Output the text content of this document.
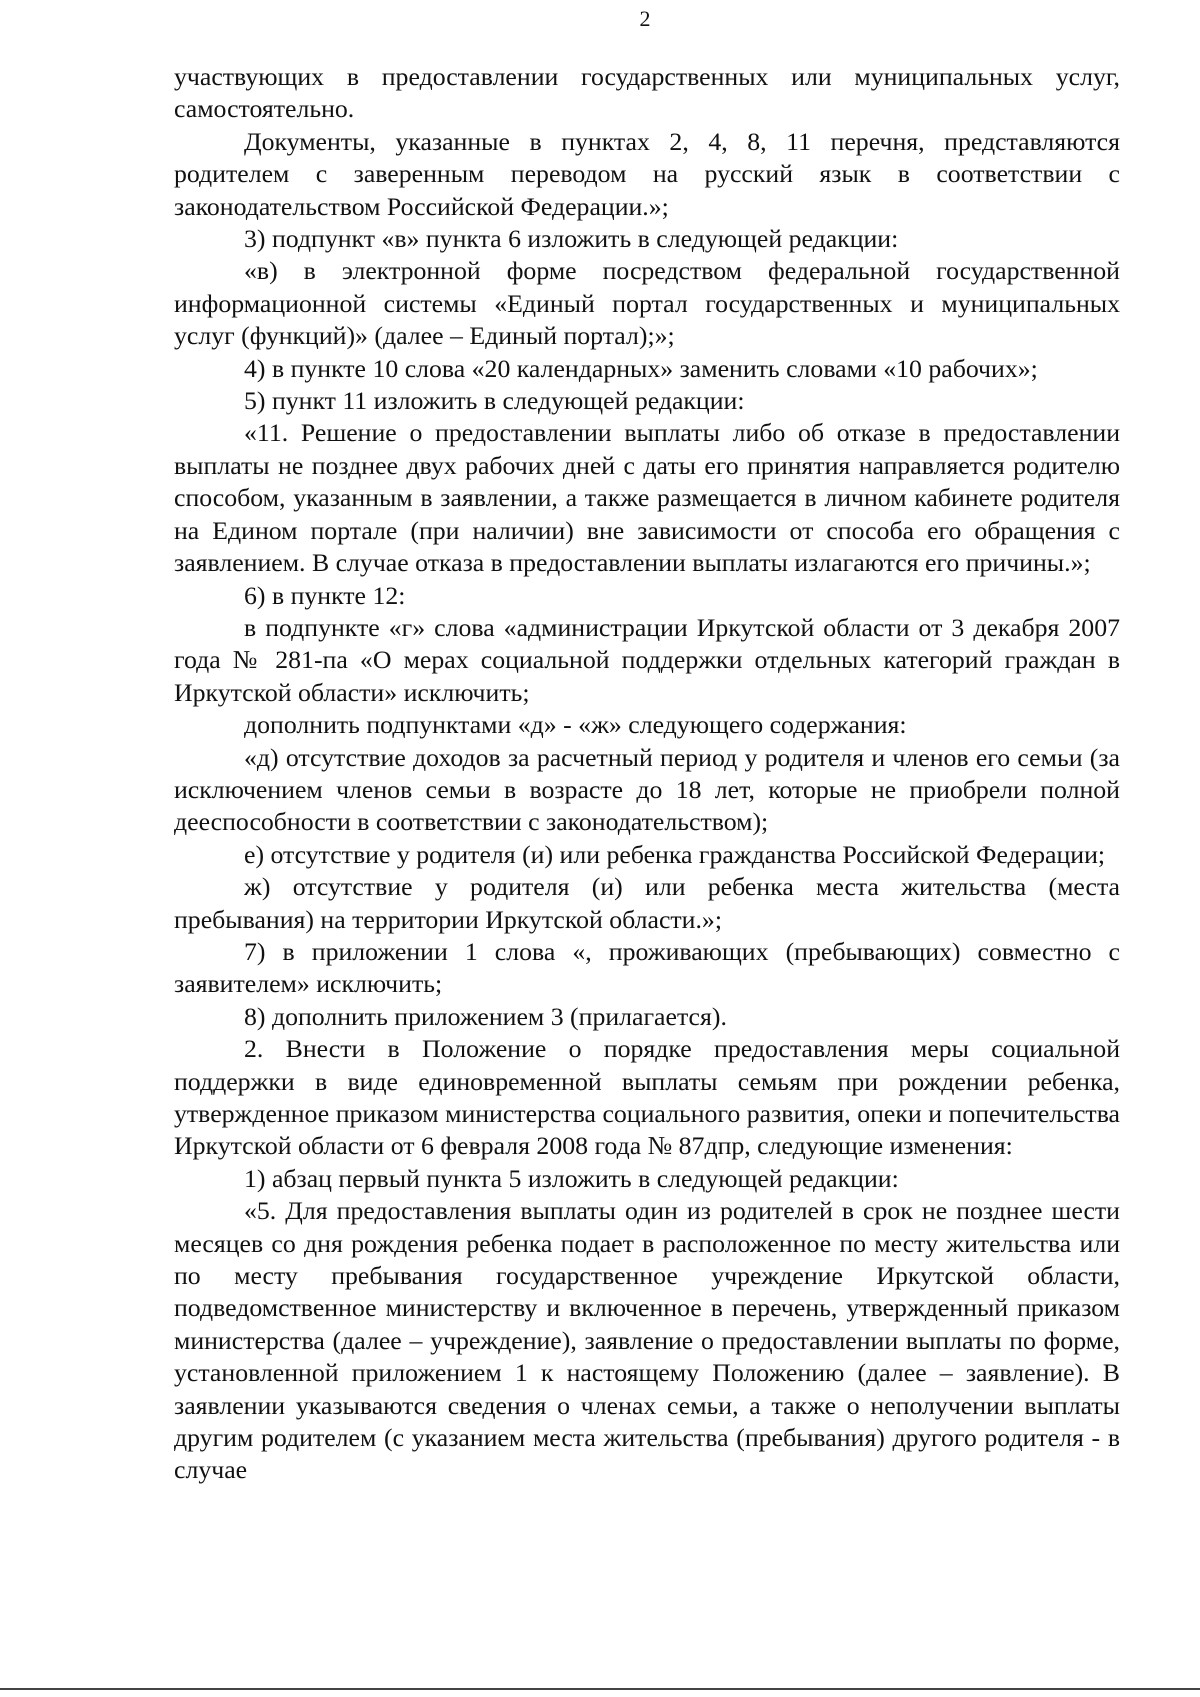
2

участвующих в предоставлении государственных или муниципальных услуг, самостоятельно.

Документы, указанные в пунктах 2, 4, 8, 11 перечня, представляются родителем с заверенным переводом на русский язык в соответствии с законодательством Российской Федерации.»;

3) подпункт «в» пункта 6 изложить в следующей редакции:

«в) в электронной форме посредством федеральной государственной информационной системы «Единый портал государственных и муниципальных услуг (функций)» (далее – Единый портал);»;

4) в пункте 10 слова «20 календарных» заменить словами «10 рабочих»;

5) пункт 11 изложить в следующей редакции:

«11. Решение о предоставлении выплаты либо об отказе в предоставлении выплаты не позднее двух рабочих дней с даты его принятия направляется родителю способом, указанным в заявлении, а также размещается в личном кабинете родителя на Едином портале (при наличии) вне зависимости от способа его обращения с заявлением. В случае отказа в предоставлении выплаты излагаются его причины.»;

6) в пункте 12:

в подпункте «г» слова «администрации Иркутской области от 3 декабря 2007 года № 281-па «О мерах социальной поддержки отдельных категорий граждан в Иркутской области» исключить;

дополнить подпунктами «д» - «ж» следующего содержания:

«д) отсутствие доходов за расчетный период у родителя и членов его семьи (за исключением членов семьи в возрасте до 18 лет, которые не приобрели полной дееспособности в соответствии с законодательством);

е) отсутствие у родителя (и) или ребенка гражданства Российской Федерации;

ж) отсутствие у родителя (и) или ребенка места жительства (места пребывания) на территории Иркутской области.»;

7) в приложении 1 слова «, проживающих (пребывающих) совместно с заявителем» исключить;

8) дополнить приложением 3 (прилагается).

2. Внести в Положение о порядке предоставления меры социальной поддержки в виде единовременной выплаты семьям при рождении ребенка, утвержденное приказом министерства социального развития, опеки и попечительства Иркутской области от 6 февраля 2008 года № 87дпр, следующие изменения:

1) абзац первый пункта 5 изложить в следующей редакции:

«5. Для предоставления выплаты один из родителей в срок не позднее шести месяцев со дня рождения ребенка подает в расположенное по месту жительства или по месту пребывания государственное учреждение Иркутской области, подведомственное министерству и включенное в перечень, утвержденный приказом министерства (далее – учреждение), заявление о предоставлении выплаты по форме, установленной приложением 1 к настоящему Положению (далее – заявление). В заявлении указываются сведения о членах семьи, а также о неполучении выплаты другим родителем (с указанием места жительства (пребывания) другого родителя - в случае
